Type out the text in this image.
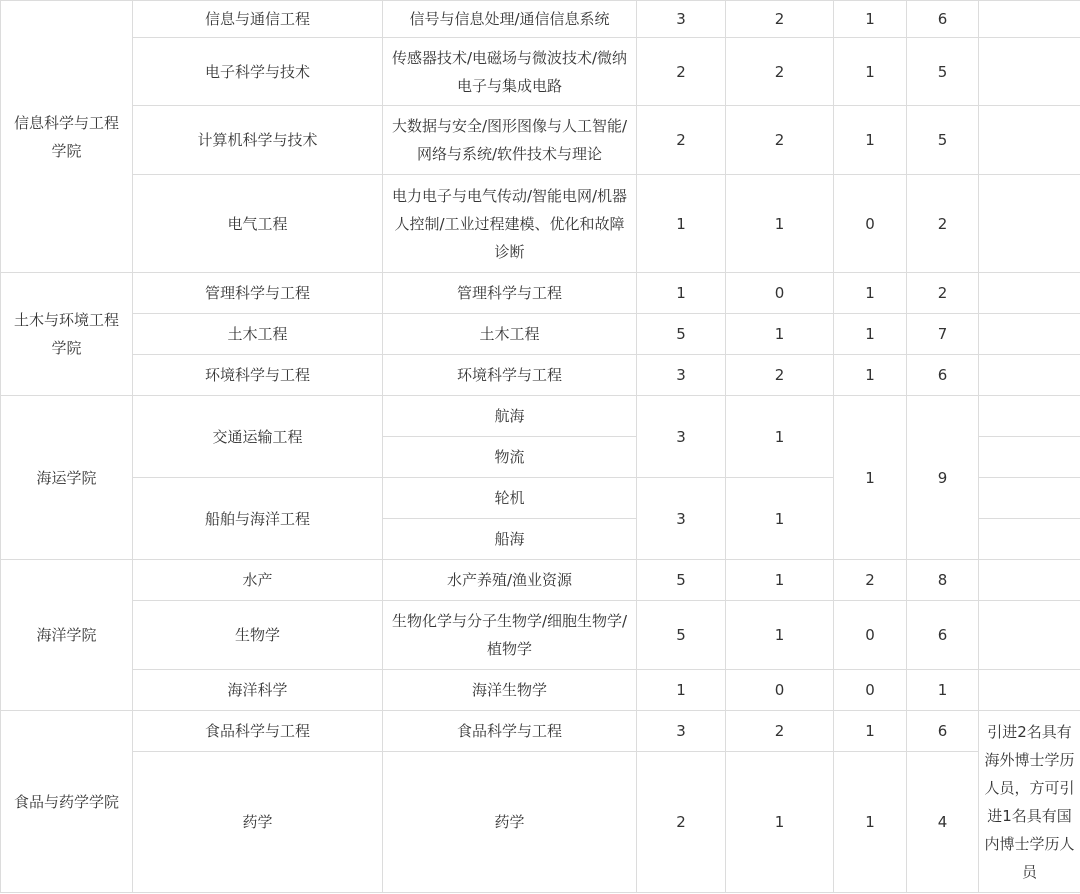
信息科学与工程学院	信息与通信工程	信号与信息处理/通信信息系统	3	2	1	6	
	电子科学与技术	传感器技术/电磁场与微波技术/微纳电子与集成电路	2	2	1	5	
	计算机科学与技术	大数据与安全/图形图像与人工智能/网络与系统/软件技术与理论	2	2	1	5	
	电气工程	电力电子与电气传动/智能电网/机器人控制/工业过程建模、优化和故障诊断	1	1	0	2	
土木与环境工程学院	管理科学与工程	管理科学与工程	1	0	1	2	
	土木工程	土木工程	5	1	1	7	
	环境科学与工程	环境科学与工程	3	2	1	6	
海运学院	交通运输工程	航海	3	1	1	9	
		物流					
	船舶与海洋工程	轮机	3	1			
		船海					
海洋学院	水产	水产养殖/渔业资源	5	1	2	8	
	生物学	生物化学与分子生物学/细胞生物学/植物学	5	1	0	6	
	海洋科学	海洋生物学	1	0	0	1	
食品与药学学院	食品科学与工程	食品科学与工程	3	2	1	6	引进2名具有海外博士学历人员，方可引进1名具有国内博士学历人员
	药学	药学	2	1	1	4	
